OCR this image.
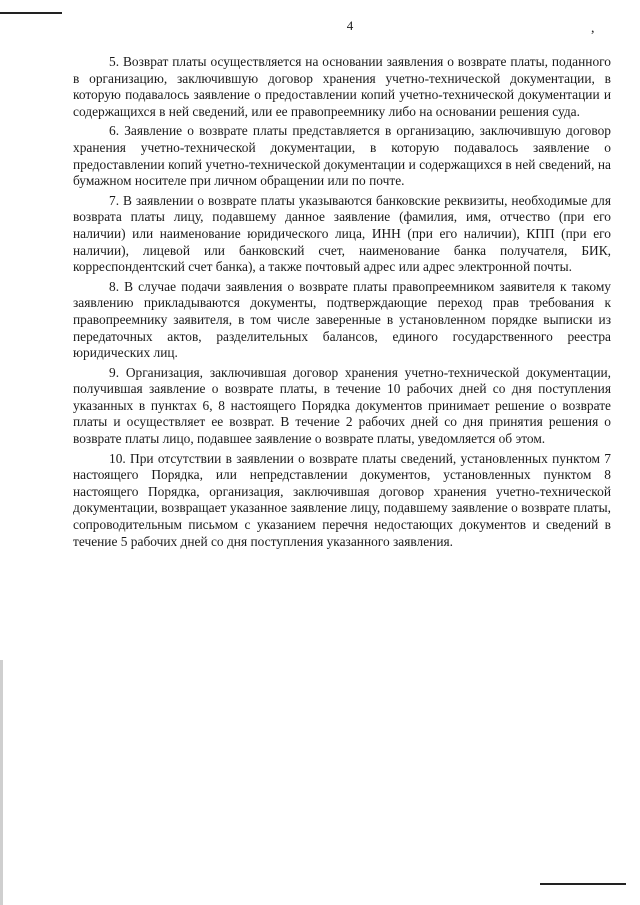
4	,

5. Возврат платы осуществляется на основании заявления о возврате платы, поданного в организацию, заключившую договор хранения учетно-технической документации, в которую подавалось заявление о предоставлении копий учетно-технической документации и содержащихся в ней сведений, или ее правопреемнику либо на основании решения суда.

6. Заявление о возврате платы представляется в организацию, заключившую договор хранения учетно-технической документации, в которую подавалось заявление о предоставлении копий учетно-технической документации и содержащихся в ней сведений, на бумажном носителе при личном обращении или по почте.

7. В заявлении о возврате платы указываются банковские реквизиты, необходимые для возврата платы лицу, подавшему данное заявление (фамилия, имя, отчество (при его наличии) или наименование юридического лица, ИНН (при его наличии), КПП (при его наличии), лицевой или банковский счет, наименование банка получателя, БИК, корреспондентский счет банка), а также почтовый адрес или адрес электронной почты.

8. В случае подачи заявления о возврате платы правопреемником заявителя к такому заявлению прикладываются документы, подтверждающие переход прав требования к правопреемнику заявителя, в том числе заверенные в установленном порядке выписки из передаточных актов, разделительных балансов, единого государственного реестра юридических лиц.

9. Организация, заключившая договор хранения учетно-технической документации, получившая заявление о возврате платы, в течение 10 рабочих дней со дня поступления указанных в пунктах 6, 8 настоящего Порядка документов принимает решение о возврате платы и осуществляет ее возврат. В течение 2 рабочих дней со дня принятия решения о возврате платы лицо, подавшее заявление о возврате платы, уведомляется об этом.

10. При отсутствии в заявлении о возврате платы сведений, установленных пунктом 7 настоящего Порядка, или непредставлении документов, установленных пунктом 8 настоящего Порядка, организация, заключившая договор хранения учетно-технической документации, возвращает указанное заявление лицу, подавшему заявление о возврате платы, сопроводительным письмом с указанием перечня недостающих документов и сведений в течение 5 рабочих дней со дня поступления указанного заявления.
